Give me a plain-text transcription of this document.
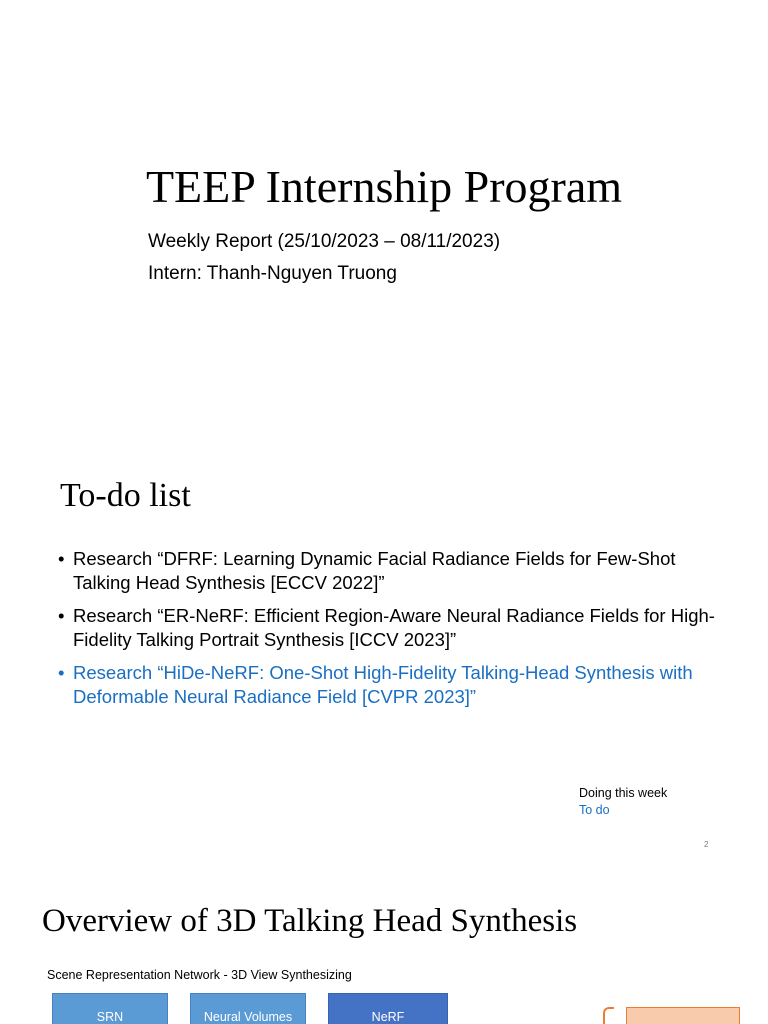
TEEP Internship Program
Weekly Report (25/10/2023 – 08/11/2023)
Intern: Thanh-Nguyen Truong
To-do list
• Research “DFRF: Learning Dynamic Facial Radiance Fields for Few-Shot Talking Head Synthesis [ECCV 2022]”
• Research “ER-NeRF: Efficient Region-Aware Neural Radiance Fields for High-Fidelity Talking Portrait Synthesis [ICCV 2023]”
• Research “HiDe-NeRF: One-Shot High-Fidelity Talking-Head Synthesis with Deformable Neural Radiance Field [CVPR 2023]”
Doing this week
To do
2
Overview of 3D Talking Head Synthesis
Scene Representation Network - 3D View Synthesizing
SRN	Neural Volumes	NeRF
